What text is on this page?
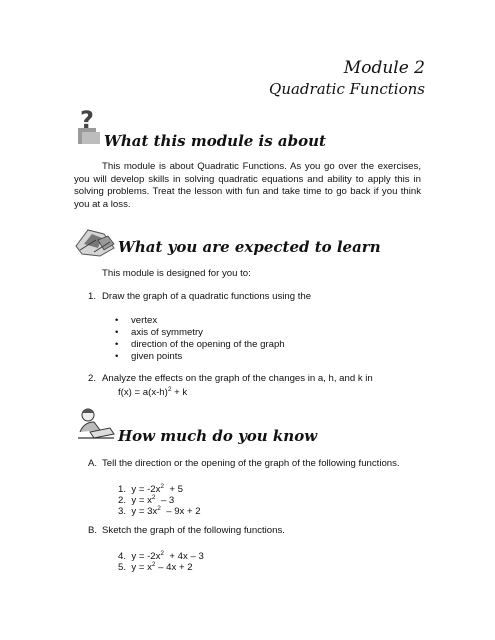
Module 2
Quadratic Functions
?
What this module is about
This module is about Quadratic Functions. As you go over the exercises, you will develop skills in solving quadratic equations and ability to apply this in solving problems. Treat the lesson with fun and take time to go back if you think you at a loss.
What you are expected to learn
This module is designed for you to:
1. Draw the graph of a quadratic functions using the
• vertex
• axis of symmetry
• direction of the opening of the graph
• given points
2. Analyze the effects on the graph of the changes in a, h, and k in
$f(x) = a(x-h)^2 + k$
How much do you know
A. Tell the direction or the opening of the graph of the following functions.
1. $y = -2x^2 + 5$
2. $y = x^2 - 3$
3. $y = 3x^2 - 9x + 2$
B. Sketch the graph of the following functions.
4. $y = -2x^2 + 4x - 3$
5. $y = x^2 - 4x + 2$
